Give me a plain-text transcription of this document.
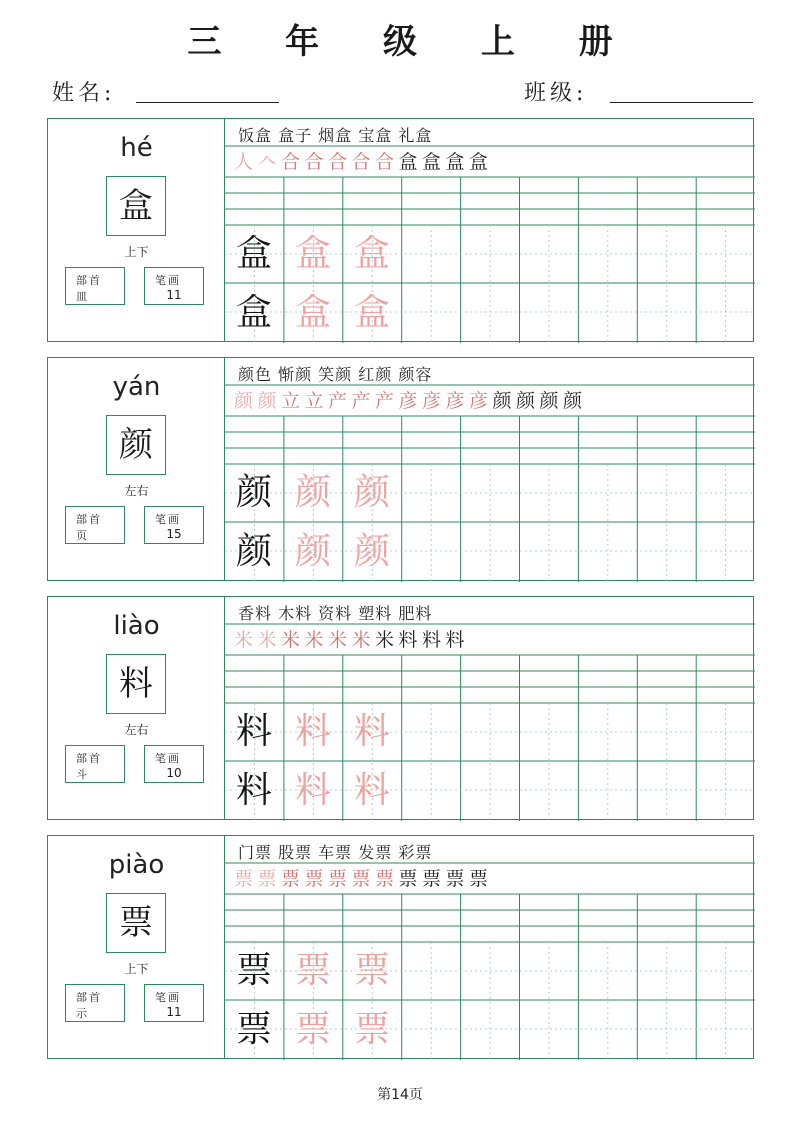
三 年 级 上 册
姓名:	班级:
hé
盒
上下
部首
皿
笔画
11
饭盒 盒子 烟盒 宝盒 礼盒
人 𠆢 合 合 合 合 合 盒 盒 盒 盒
盒 盒 盒
盒 盒 盒
yán
颜
左右
部首
页
笔画
15
颜色 惭颜 笑颜 红颜 颜容
颜 颜 立 立 产 产 产 彦 彦 彦 彦 颜 颜 颜 颜
颜 颜 颜
颜 颜 颜
liào
料
左右
部首
斗
笔画
10
香料 木料 资料 塑料 肥料
米 米 米 米 米 米 米 料 料 料
料 料 料
料 料 料
piào
票
上下
部首
示
笔画
11
门票 股票 车票 发票 彩票
票 票 票 票 票 票 票 票 票 票 票
票 票 票
票 票 票
第14页
